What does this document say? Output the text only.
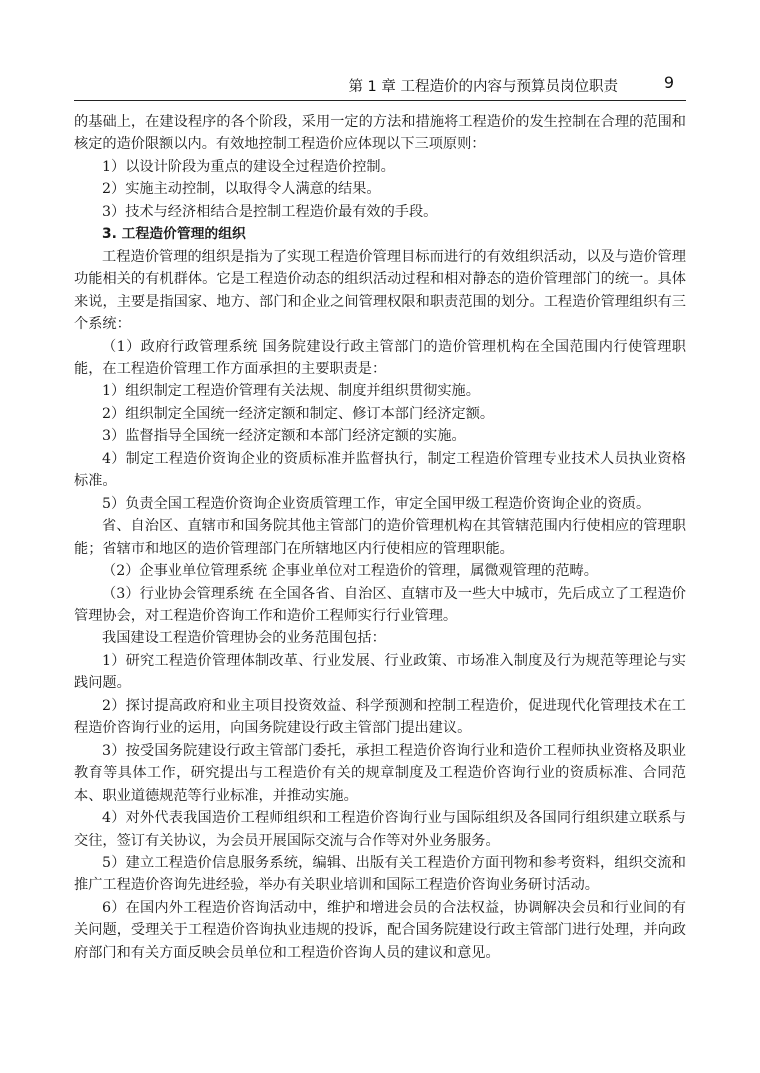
第 1 章 工程造价的内容与预算员岗位职责	9

的基础上，在建设程序的各个阶段，采用一定的方法和措施将工程造价的发生控制在合理的范围和核定的造价限额以内。有效地控制工程造价应体现以下三项原则：

1）以设计阶段为重点的建设全过程造价控制。

2）实施主动控制，以取得令人满意的结果。

3）技术与经济相结合是控制工程造价最有效的手段。

3. 工程造价管理的组织

工程造价管理的组织是指为了实现工程造价管理目标而进行的有效组织活动，以及与造价管理功能相关的有机群体。它是工程造价动态的组织活动过程和相对静态的造价管理部门的统一。具体来说，主要是指国家、地方、部门和企业之间管理权限和职责范围的划分。工程造价管理组织有三个系统：

（1）政府行政管理系统 国务院建设行政主管部门的造价管理机构在全国范围内行使管理职能，在工程造价管理工作方面承担的主要职责是：

1）组织制定工程造价管理有关法规、制度并组织贯彻实施。

2）组织制定全国统一经济定额和制定、修订本部门经济定额。

3）监督指导全国统一经济定额和本部门经济定额的实施。

4）制定工程造价资询企业的资质标准并监督执行，制定工程造价管理专业技术人员执业资格标准。

5）负责全国工程造价资询企业资质管理工作，审定全国甲级工程造价资询企业的资质。

省、自治区、直辖市和国务院其他主管部门的造价管理机构在其管辖范围内行使相应的管理职能；省辖市和地区的造价管理部门在所辖地区内行使相应的管理职能。

（2）企事业单位管理系统 企事业单位对工程造价的管理，属微观管理的范畴。

（3）行业协会管理系统 在全国各省、自治区、直辖市及一些大中城市，先后成立了工程造价管理协会，对工程造价咨询工作和造价工程师实行行业管理。

我国建设工程造价管理协会的业务范围包括：

1）研究工程造价管理体制改革、行业发展、行业政策、市场准入制度及行为规范等理论与实践问题。

2）探讨提高政府和业主项目投资效益、科学预测和控制工程造价，促进现代化管理技术在工程造价咨询行业的运用，向国务院建设行政主管部门提出建议。

3）按受国务院建设行政主管部门委托，承担工程造价咨询行业和造价工程师执业资格及职业教育等具体工作，研究提出与工程造价有关的规章制度及工程造价咨询行业的资质标准、合同范本、职业道德规范等行业标准，并推动实施。

4）对外代表我国造价工程师组织和工程造价咨询行业与国际组织及各国同行组织建立联系与交往，签订有关协议，为会员开展国际交流与合作等对外业务服务。

5）建立工程造价信息服务系统，编辑、出版有关工程造价方面刊物和参考资料，组织交流和推广工程造价咨询先进经验，举办有关职业培训和国际工程造价咨询业务研讨活动。

6）在国内外工程造价咨询活动中，维护和增进会员的合法权益，协调解决会员和行业间的有关问题，受理关于工程造价咨询执业违规的投诉，配合国务院建设行政主管部门进行处理，并向政府部门和有关方面反映会员单位和工程造价咨询人员的建议和意见。
